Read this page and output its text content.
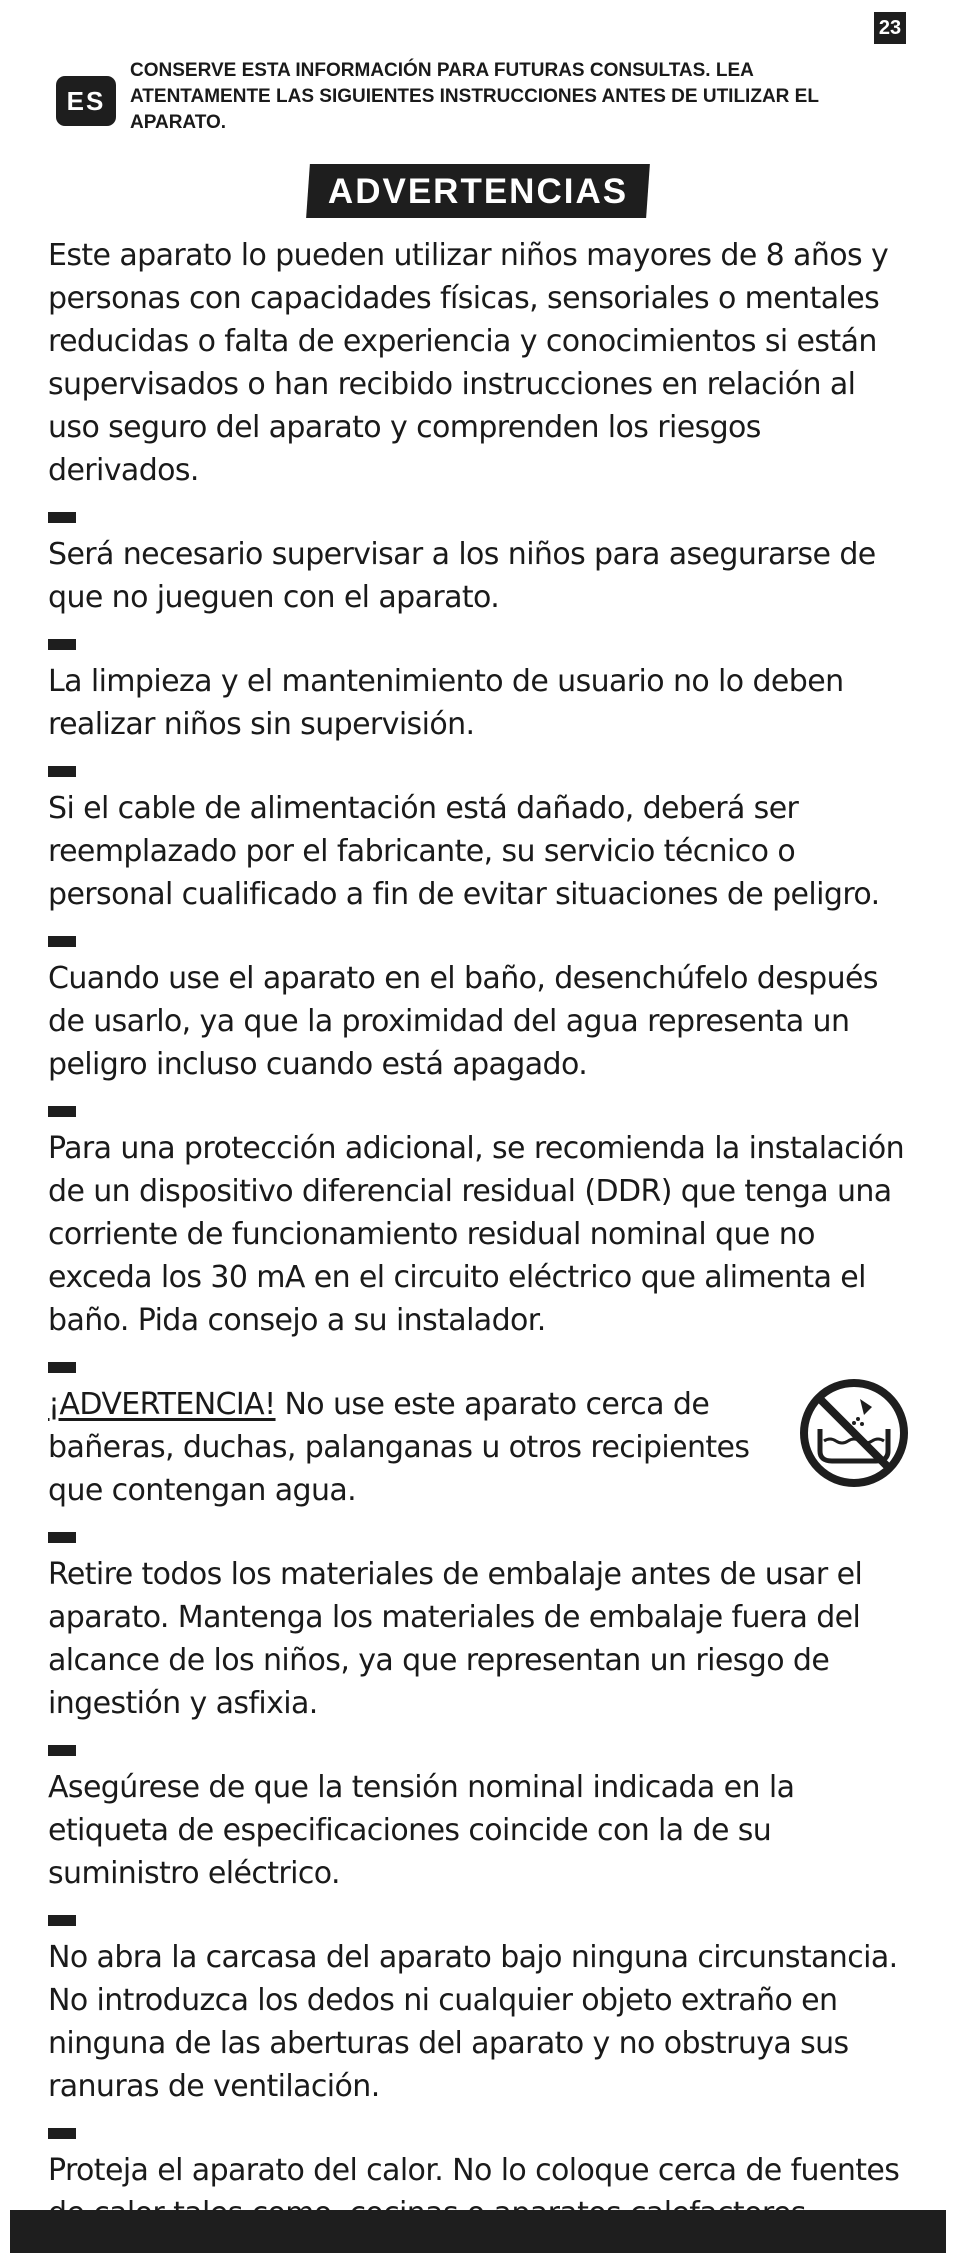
23
ES
CONSERVE ESTA INFORMACIÓN PARA FUTURAS CONSULTAS. LEA ATENTAMENTE LAS SIGUIENTES INSTRUCCIONES ANTES DE UTILIZAR EL APARATO.
ADVERTENCIAS

Este aparato lo pueden utilizar niños mayores de 8 años y personas con capacidades físicas, sensoriales o mentales reducidas o falta de experiencia y conocimientos si están supervisados o han recibido instrucciones en relación al uso seguro del aparato y comprenden los riesgos derivados.

Será necesario supervisar a los niños para asegurarse de que no jueguen con el aparato.

La limpieza y el mantenimiento de usuario no lo deben realizar niños sin supervisión.

Si el cable de alimentación está dañado, deberá ser reemplazado por el fabricante, su servicio técnico o personal cualificado a fin de evitar situaciones de peligro.

Cuando use el aparato en el baño, desenchúfelo después de usarlo, ya que la proximidad del agua representa un peligro incluso cuando está apagado.

Para una protección adicional, se recomienda la instalación de un dispositivo diferencial residual (DDR) que tenga una corriente de funcionamiento residual nominal que no exceda los 30 mA en el circuito eléctrico que alimenta el baño. Pida consejo a su instalador.

¡ADVERTENCIA! No use este aparato cerca de bañeras, duchas, palanganas u otros recipientes que contengan agua.

Retire todos los materiales de embalaje antes de usar el aparato. Mantenga los materiales de embalaje fuera del alcance de los niños, ya que representan un riesgo de ingestión y asfixia.

Asegúrese de que la tensión nominal indicada en la etiqueta de especificaciones coincide con la de su suministro eléctrico.

No abra la carcasa del aparato bajo ninguna circunstancia. No introduzca los dedos ni cualquier objeto extraño en ninguna de las aberturas del aparato y no obstruya sus ranuras de ventilación.

Proteja el aparato del calor. No lo coloque cerca de fuentes
